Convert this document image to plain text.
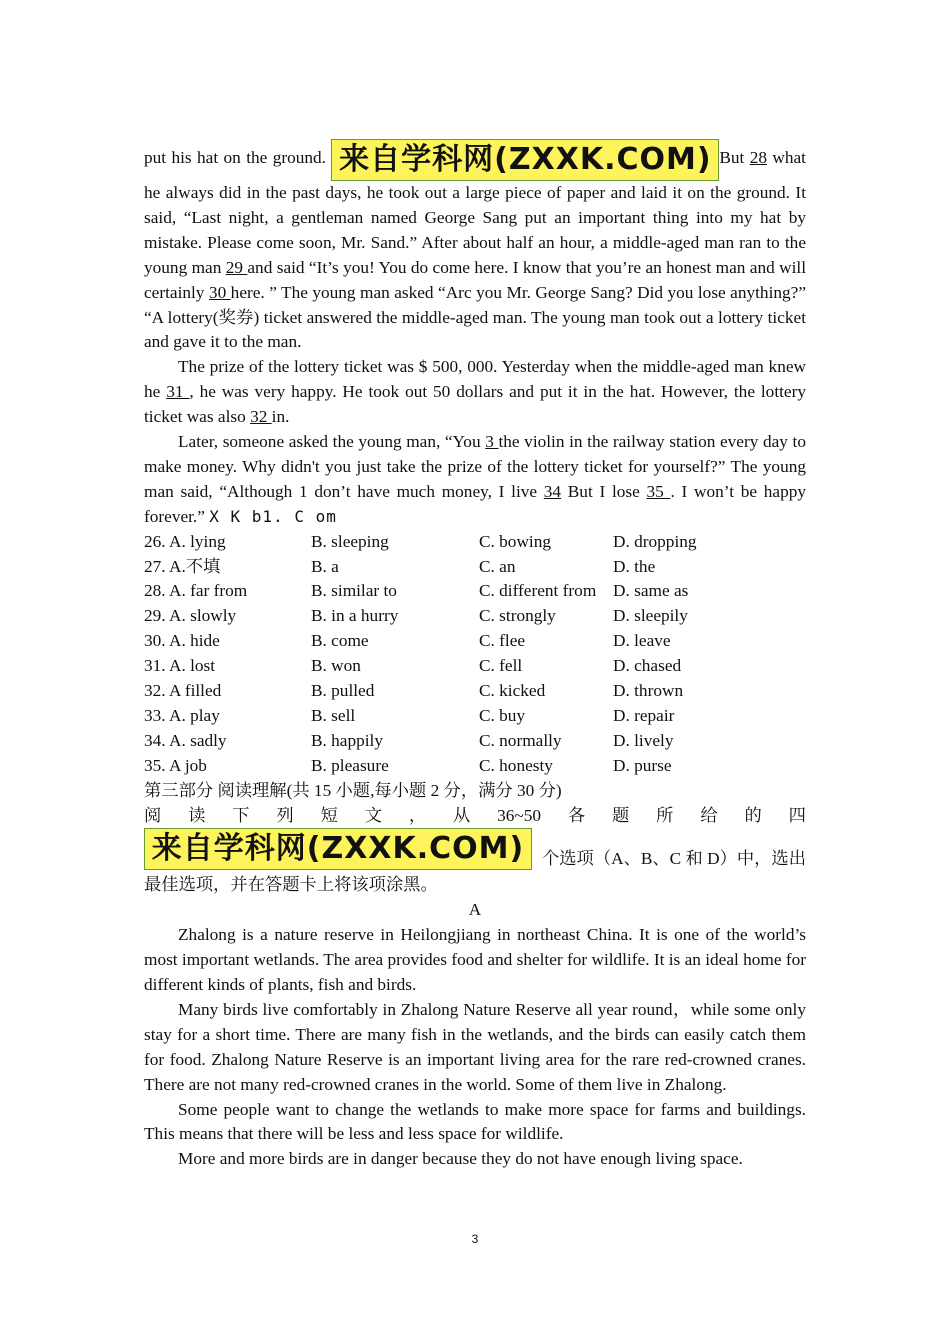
put his hat on the ground. 来自学科网(ZXXK.COM) But 28 what he always did in the past days, he took out a large piece of paper and laid it on the ground. It said, “Last night, a gentleman named George Sang put an important thing into my hat by mistake. Please come soon, Mr. Sand.” After about half an hour, a middle-aged man ran to the young man 29 and said “It’s you! You do come here. I know that you’re an honest man and will certainly 30 here. ” The young man asked “Arc you Mr. George Sang? Did you lose anything?” “A lottery(奖券) ticket answered the middle-aged man. The young man took out a lottery ticket and gave it to the man.

The prize of the lottery ticket was $ 500, 000. Yesterday when the middle-aged man knew he 31 , he was very happy. He took out 50 dollars and put it in the hat. However, the lottery ticket was also 32 in.

Later, someone asked the young man, “You 3 the violin in the railway station every day to make money. Why didn't you just take the prize of the lottery ticket for yourself?” The young man said, “Although 1 don’t have much money, I live 34 But I lose 35 . I won’t be happy forever.” X K b1. C om

26. A. lying	B. sleeping	C. bowing	D. dropping
27. A.不填	B. a	C. an	D. the
28. A. far from	B. similar to	C. different from D. same as
29. A. slowly	B. in a hurry	C. strongly	D. sleepily
30. A. hide	B. come	C. flee	D. leave
31. A. lost	B. won	C. fell	D. chased
32. A filled	B. pulled	C. kicked	D. thrown
33. A. play	B. sell	C. buy	D. repair
34. A. sadly	B. happily	C. normally	D. lively
35. A job	B. pleasure	C. honesty	D. purse

第三部分 阅读理解(共 15 小题,每小题 2 分，满分 30 分)

阅 读 下 列 短 文 ， 从 36~50 各 题 所 给 的 四
来自学科网(ZXXK.COM)	个选项（A、B、C 和 D）中，选出

最佳选项，并在答题卡上将该项涂黑。

A

Zhalong is a nature reserve in Heilongjiang in northeast China. It is one of the world’s most important wetlands. The area provides food and shelter for wildlife. It is an ideal home for different kinds of plants, fish and birds.

Many birds live comfortably in Zhalong Nature Reserve all year round，while some only stay for a short time. There are many fish in the wetlands, and the birds can easily catch them for food. Zhalong Nature Reserve is an important living area for the rare red-crowned cranes. There are not many red-crowned cranes in the world. Some of them live in Zhalong.

Some people want to change the wetlands to make more space for farms and buildings. This means that there will be less and less space for wildlife.

More and more birds are in danger because they do not have enough living space.

3
